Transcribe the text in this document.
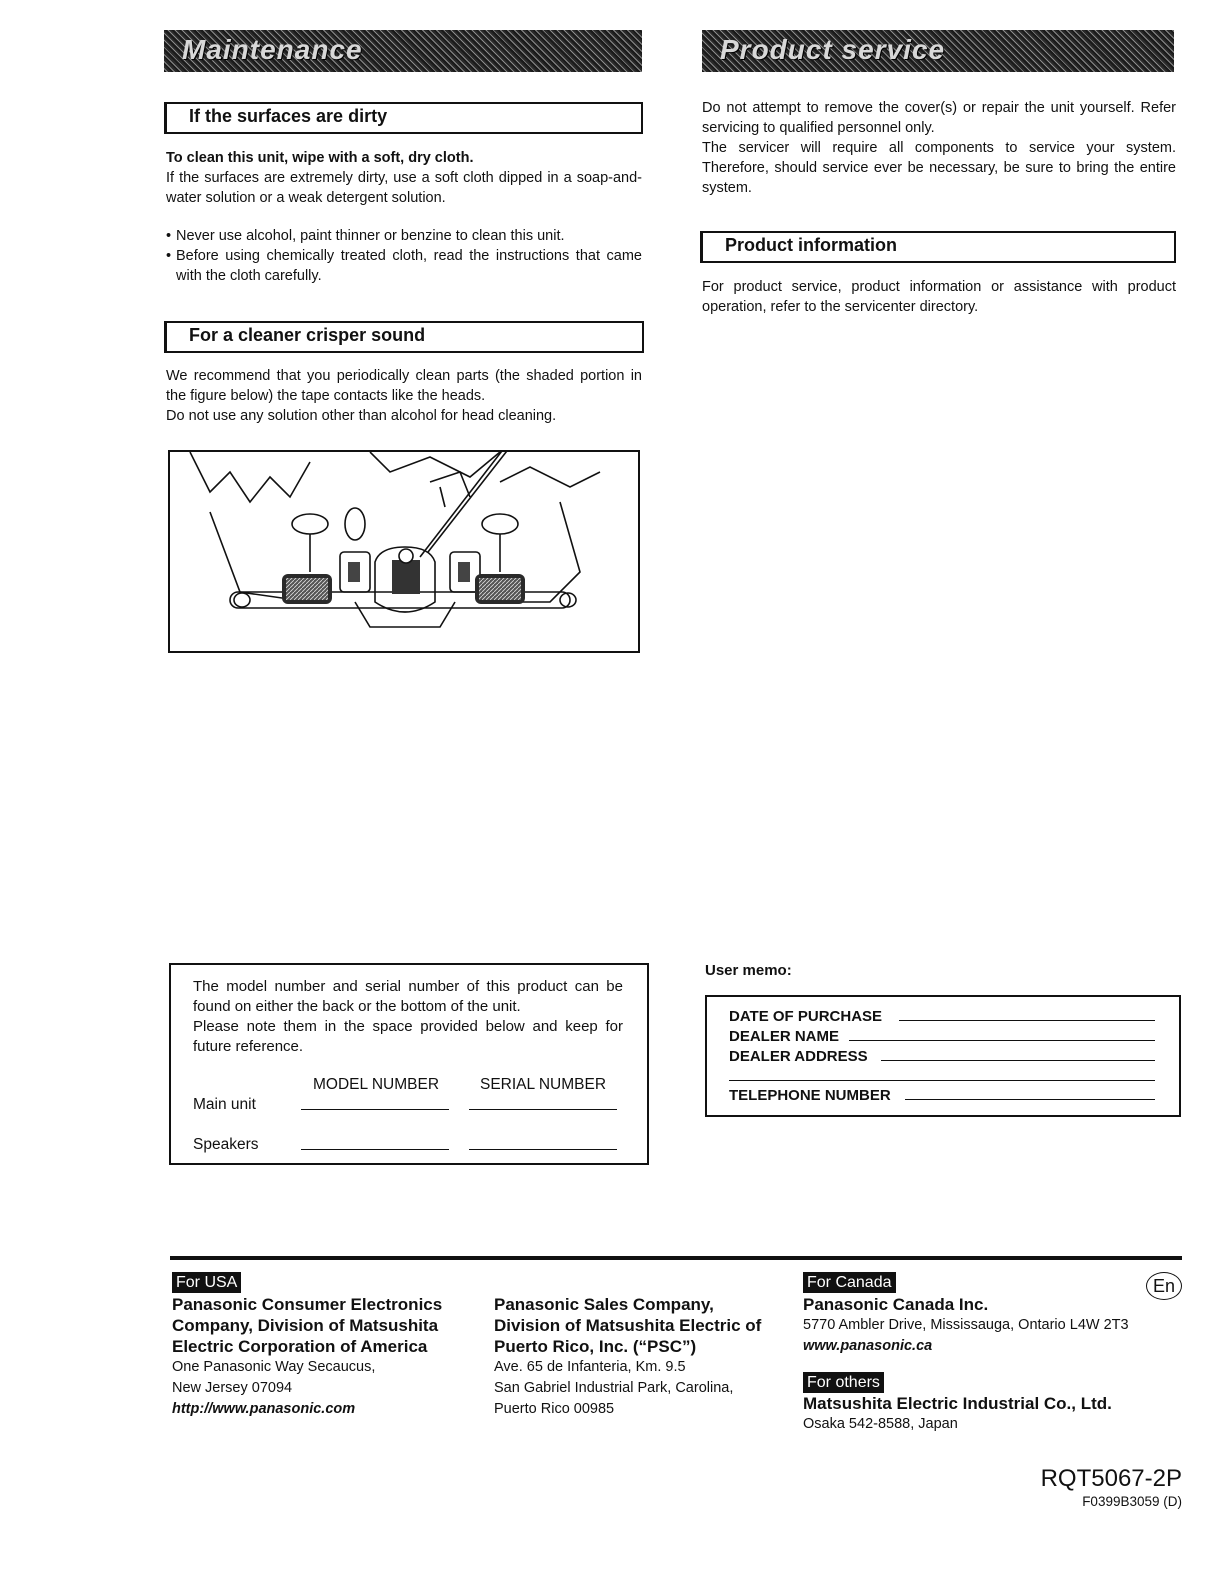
Maintenance
If the surfaces are dirty

To clean this unit, wipe with a soft, dry cloth.

If the surfaces are extremely dirty, use a soft cloth dipped in a soap-and-water solution or a weak detergent solution.

• Never use alcohol, paint thinner or benzine to clean this unit.

• Before using chemically treated cloth, read the instructions that came with the cloth carefully.

For a cleaner crisper sound

We recommend that you periodically clean parts (the shaded portion in the figure below) the tape contacts like the heads.

Do not use any solution other than alcohol for head cleaning.

The model number and serial number of this product can be found on either the back or the bottom of the unit.

Please note them in the space provided below and keep for future reference.

MODEL NUMBER	SERIAL NUMBER
Main unit
Speakers
Product service

Do not attempt to remove the cover(s) or repair the unit yourself. Refer servicing to qualified personnel only.

The servicer will require all components to service your system. Therefore, should service ever be necessary, be sure to bring the entire system.

Product information

For product service, product information or assistance with product operation, refer to the servicenter directory.

User memo:
DATE OF PURCHASE
DEALER NAME
DEALER ADDRESS
TELEPHONE NUMBER
For USA
Panasonic Consumer Electronics Company, Division of Matsushita Electric Corporation of America
One Panasonic Way Secaucus,
New Jersey 07094
http://www.panasonic.com
Panasonic Sales Company, Division of Matsushita Electric of Puerto Rico, Inc. (“PSC”)
Ave. 65 de Infanteria, Km. 9.5
San Gabriel Industrial Park, Carolina,
Puerto Rico 00985
For Canada
Panasonic Canada Inc.
5770 Ambler Drive, Mississauga, Ontario L4W 2T3
www.panasonic.ca
En
For others
Matsushita Electric Industrial Co., Ltd.
Osaka 542-8588, Japan
RQT5067-2P
F0399B3059 (D)
